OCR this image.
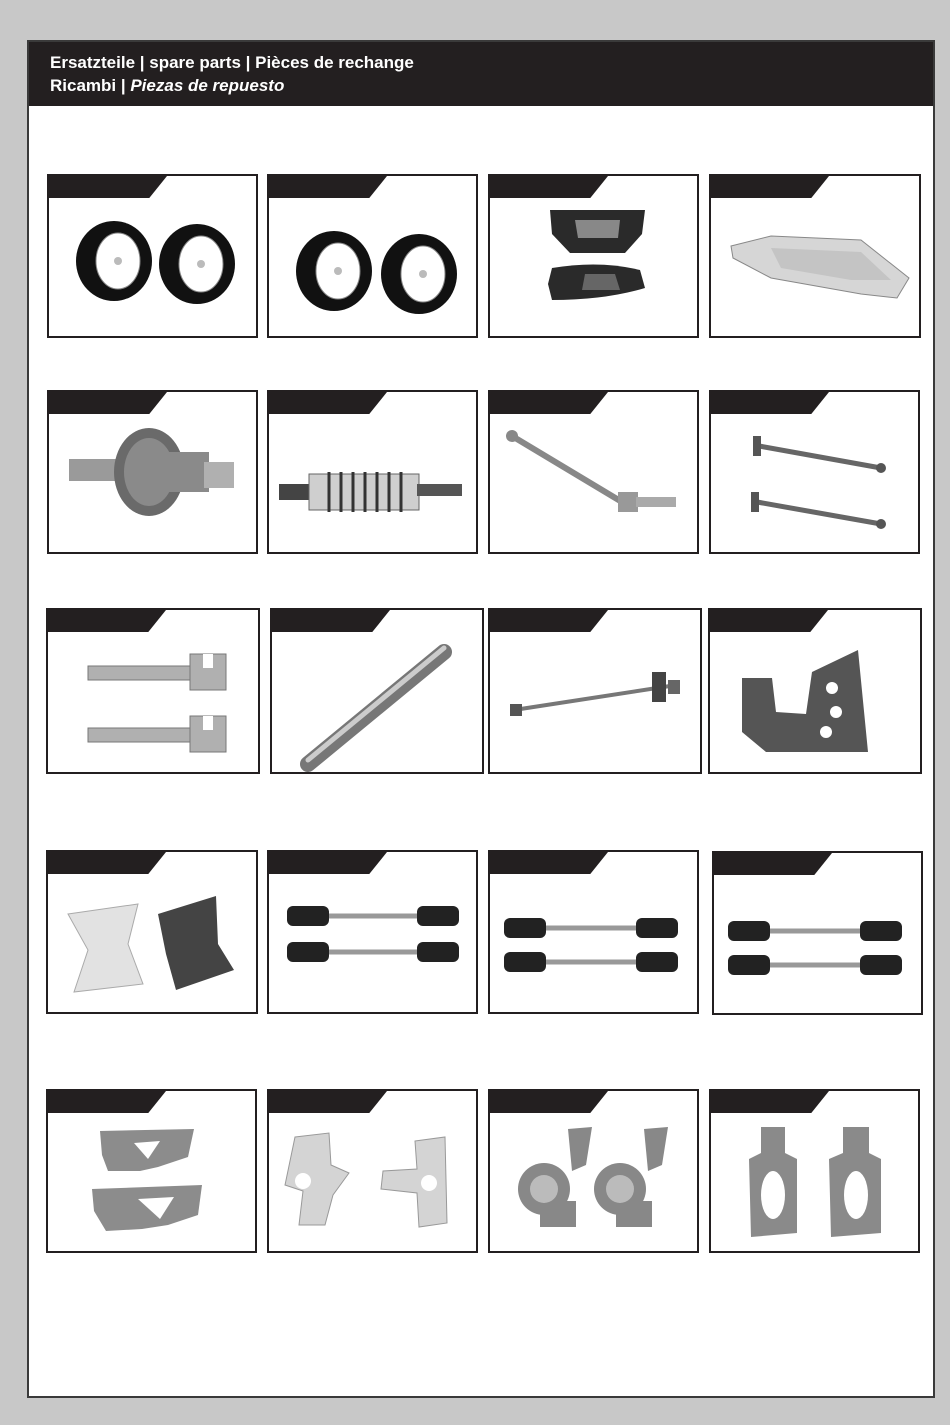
Ersatzteile | spare parts | Pièces de rechange
Ricambi | Piezas de repuesto
